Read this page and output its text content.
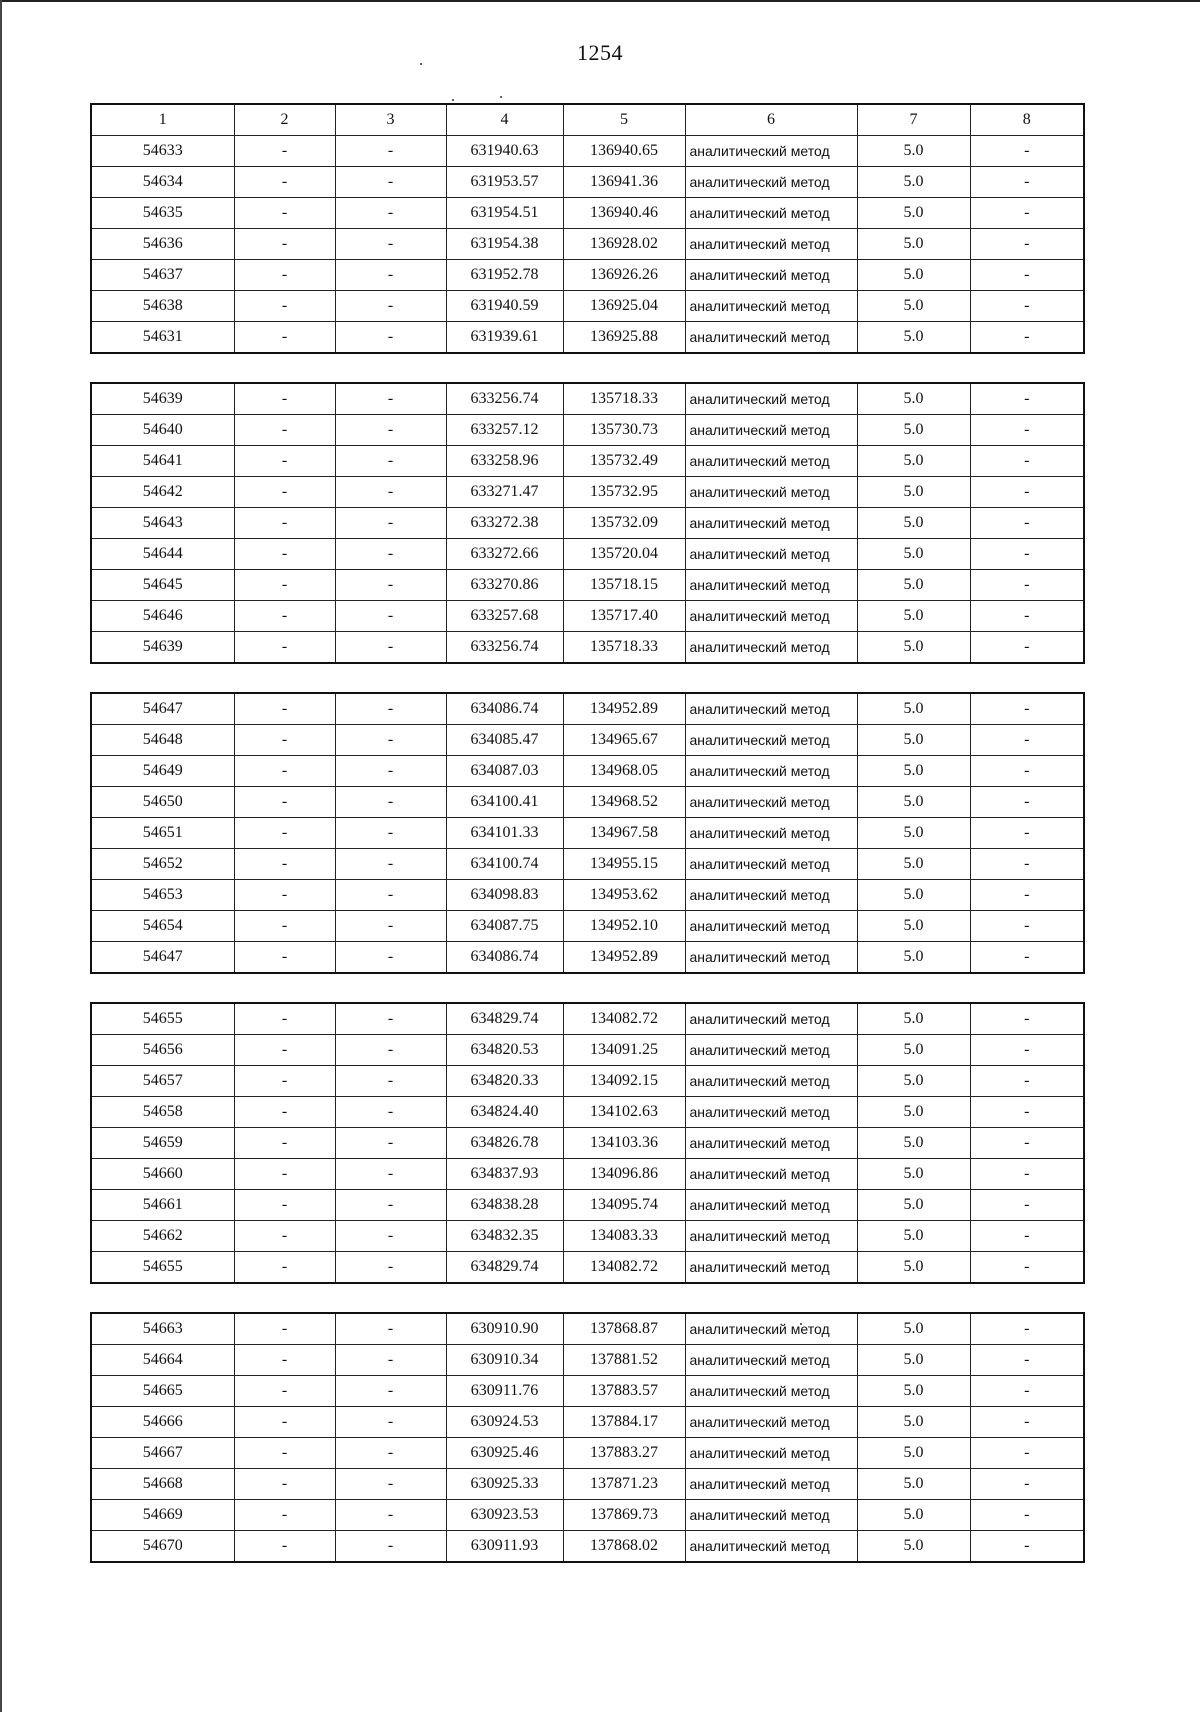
1254
1	2	3	4	5	6	7	8
54633	-	-	631940.63	136940.65	аналитический метод	5.0	-
54634	-	-	631953.57	136941.36	аналитический метод	5.0	-
54635	-	-	631954.51	136940.46	аналитический метод	5.0	-
54636	-	-	631954.38	136928.02	аналитический метод	5.0	-
54637	-	-	631952.78	136926.26	аналитический метод	5.0	-
54638	-	-	631940.59	136925.04	аналитический метод	5.0	-
54631	-	-	631939.61	136925.88	аналитический метод	5.0	-
54639	-	-	633256.74	135718.33	аналитический метод	5.0	-
54640	-	-	633257.12	135730.73	аналитический метод	5.0	-
54641	-	-	633258.96	135732.49	аналитический метод	5.0	-
54642	-	-	633271.47	135732.95	аналитический метод	5.0	-
54643	-	-	633272.38	135732.09	аналитический метод	5.0	-
54644	-	-	633272.66	135720.04	аналитический метод	5.0	-
54645	-	-	633270.86	135718.15	аналитический метод	5.0	-
54646	-	-	633257.68	135717.40	аналитический метод	5.0	-
54639	-	-	633256.74	135718.33	аналитический метод	5.0	-
54647	-	-	634086.74	134952.89	аналитический метод	5.0	-
54648	-	-	634085.47	134965.67	аналитический метод	5.0	-
54649	-	-	634087.03	134968.05	аналитический метод	5.0	-
54650	-	-	634100.41	134968.52	аналитический метод	5.0	-
54651	-	-	634101.33	134967.58	аналитический метод	5.0	-
54652	-	-	634100.74	134955.15	аналитический метод	5.0	-
54653	-	-	634098.83	134953.62	аналитический метод	5.0	-
54654	-	-	634087.75	134952.10	аналитический метод	5.0	-
54647	-	-	634086.74	134952.89	аналитический метод	5.0	-
54655	-	-	634829.74	134082.72	аналитический метод	5.0	-
54656	-	-	634820.53	134091.25	аналитический метод	5.0	-
54657	-	-	634820.33	134092.15	аналитический метод	5.0	-
54658	-	-	634824.40	134102.63	аналитический метод	5.0	-
54659	-	-	634826.78	134103.36	аналитический метод	5.0	-
54660	-	-	634837.93	134096.86	аналитический метод	5.0	-
54661	-	-	634838.28	134095.74	аналитический метод	5.0	-
54662	-	-	634832.35	134083.33	аналитический метод	5.0	-
54655	-	-	634829.74	134082.72	аналитический метод	5.0	-
54663	-	-	630910.90	137868.87	аналитический метод	5.0	-
54664	-	-	630910.34	137881.52	аналитический метод	5.0	-
54665	-	-	630911.76	137883.57	аналитический метод	5.0	-
54666	-	-	630924.53	137884.17	аналитический метод	5.0	-
54667	-	-	630925.46	137883.27	аналитический метод	5.0	-
54668	-	-	630925.33	137871.23	аналитический метод	5.0	-
54669	-	-	630923.53	137869.73	аналитический метод	5.0	-
54670	-	-	630911.93	137868.02	аналитический метод	5.0	-
